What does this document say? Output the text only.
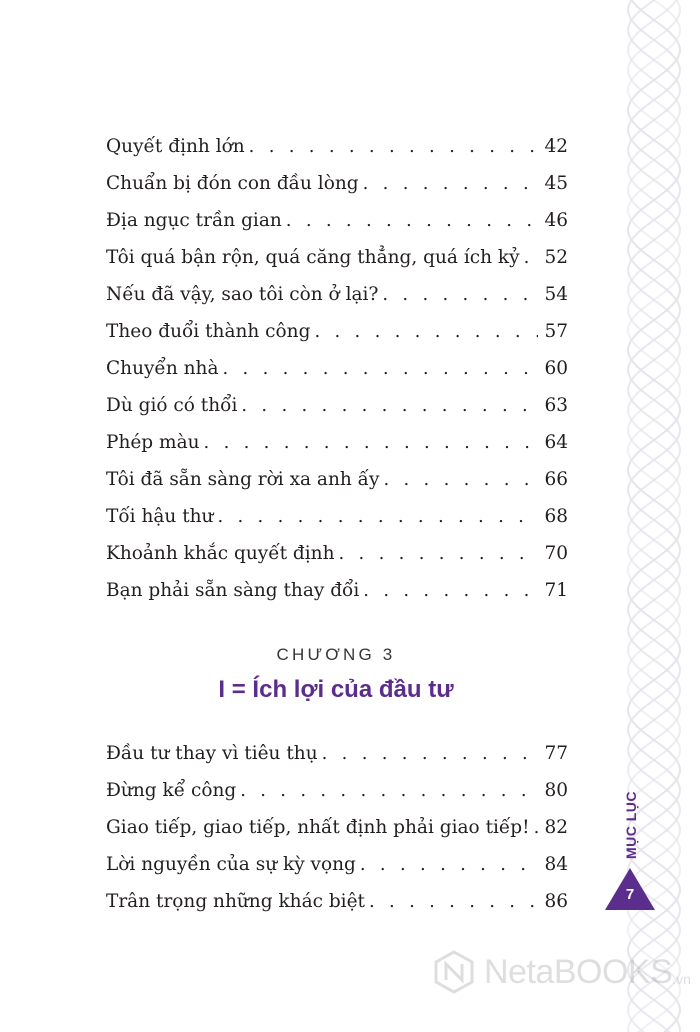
Quyết định lớn . . .	42
Chuẩn bị đón con đầu lòng . . .	45
Địa ngục trần gian . . .	46
Tôi quá bận rộn, quá căng thẳng, quá ích kỷ . . . 52
Nếu đã vậy, sao tôi còn ở lại? . . .	54
Theo đuổi thành công . . .	57
Chuyển nhà . . .	60
Dù gió có thổi . . .	63
Phép màu . . .	64
Tôi đã sẵn sàng rời xa anh ấy . . .	66
Tối hậu thư . . .	68
Khoảnh khắc quyết định . . .	70
Bạn phải sẵn sàng thay đổi . . .	71
CHƯƠNG 3
I = Ích lợi của đầu tư
Đầu tư thay vì tiêu thụ . . .	77
Đừng kể công . . .	80
Giao tiếp, giao tiếp, nhất định phải giao tiếp! . . . 82
Lời nguyền của sự kỳ vọng . . .	84
Trân trọng những khác biệt . . .	86
MỤC LỤC
7
NetaBOOKS .vn
